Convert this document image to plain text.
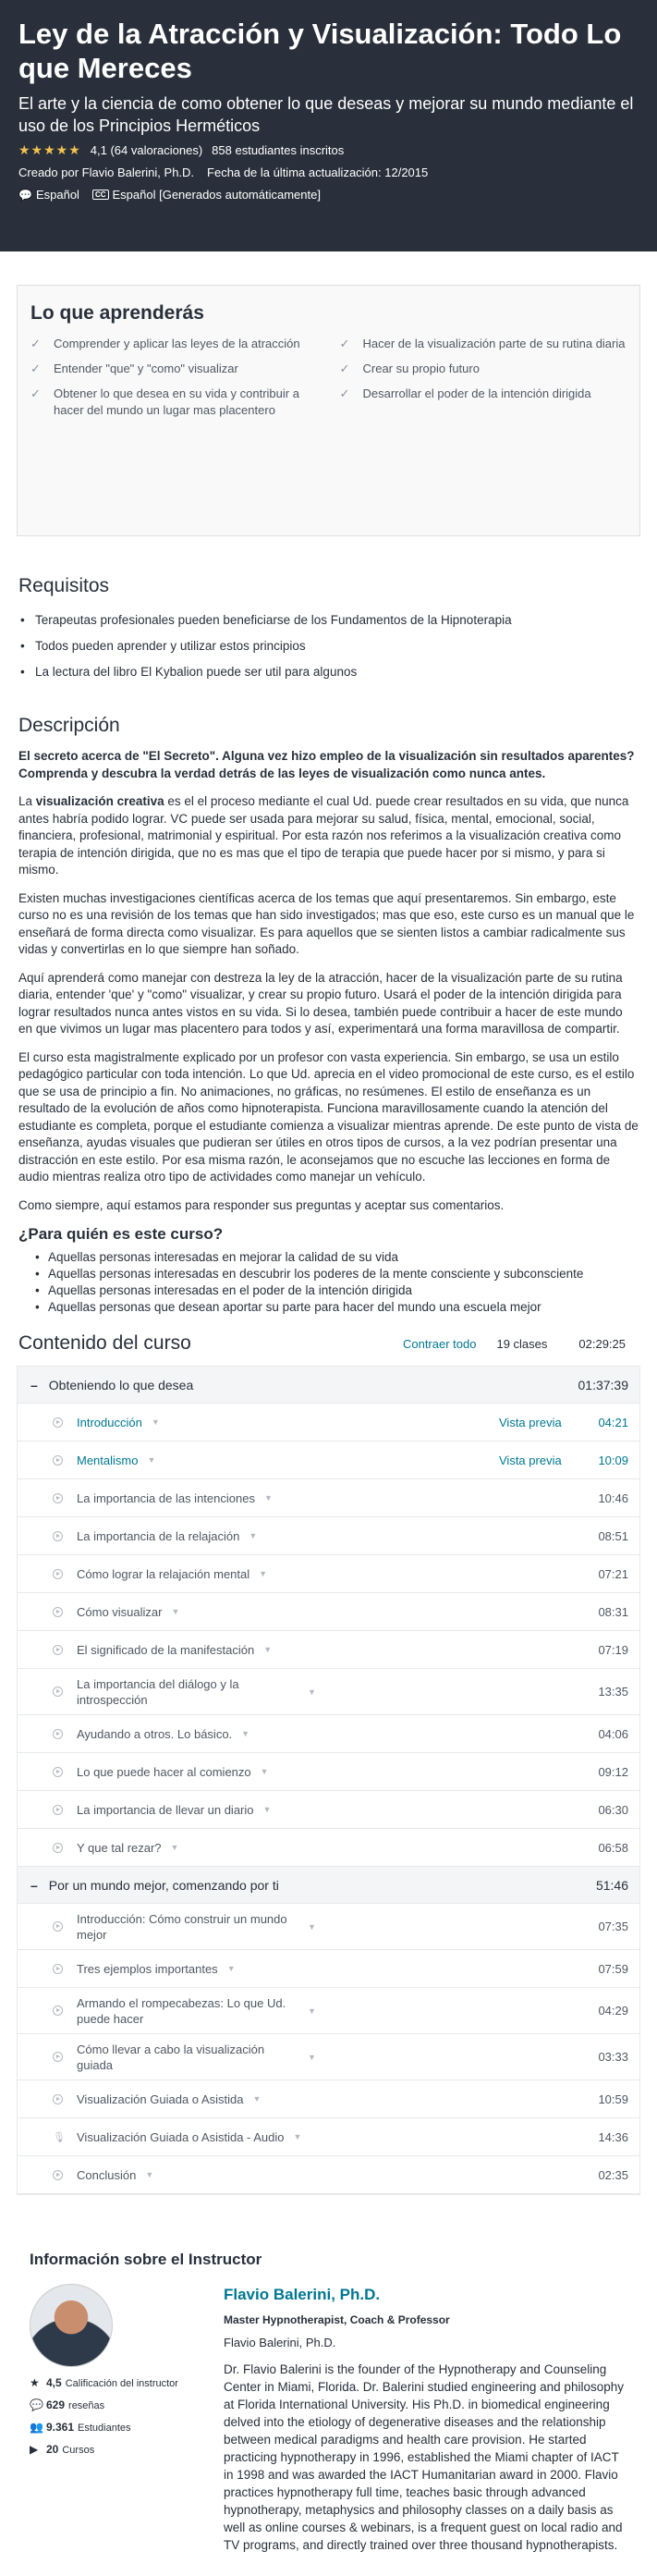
Ley de la Atracción y Visualización: Todo Lo que Mereces
El arte y la ciencia de como obtener lo que deseas y mejorar su mundo mediante el uso de los Principios Herméticos
★★★★★ 4,1 (64 valoraciones) 858 estudiantes inscritos
Creado por Flavio Balerini, Ph.D. Fecha de la última actualización: 12/2015
💬 Español	CC Español [Generados automáticamente]
Lo que aprenderás
✓ Comprender y aplicar las leyes de la atracción	✓ Hacer de la visualización parte de su rutina diaria
✓ Entender "que" y "como" visualizar	✓ Crear su propio futuro
✓ Obtener lo que desea en su vida y contribuir a hacer del mundo un lugar mas placentero
✓ Desarrollar el poder de la intención dirigida
Requisitos
• Terapeutas profesionales pueden beneficiarse de los Fundamentos de la Hipnoterapia
• Todos pueden aprender y utilizar estos principios
• La lectura del libro El Kybalion puede ser util para algunos
Descripción

El secreto acerca de "El Secreto". Alguna vez hizo empleo de la visualización sin resultados aparentes? Comprenda y descubra la verdad detrás de las leyes de visualización como nunca antes.

La visualización creativa es el el proceso mediante el cual Ud. puede crear resultados en su vida, que nunca antes habría podido lograr. VC puede ser usada para mejorar su salud, física, mental, emocional, social, financiera, profesional, matrimonial y espiritual. Por esta razón nos referimos a la visualización creativa como terapia de intención dirigida, que no es mas que el tipo de terapia que puede hacer por si mismo, y para si mismo.

Existen muchas investigaciones científicas acerca de los temas que aquí presentaremos. Sin embargo, este curso no es una revisión de los temas que han sido investigados; mas que eso, este curso es un manual que le enseñará de forma directa como visualizar. Es para aquellos que se sienten listos a cambiar radicalmente sus vidas y convertirlas en lo que siempre han soñado.

Aquí aprenderá como manejar con destreza la ley de la atracción, hacer de la visualización parte de su rutina diaria, entender 'que' y "como" visualizar, y crear su propio futuro. Usará el poder de la intención dirigida para lograr resultados nunca antes vistos en su vida. Si lo desea, también puede contribuir a hacer de este mundo en que vivimos un lugar mas placentero para todos y así, experimentará una forma maravillosa de compartir.

El curso esta magistralmente explicado por un profesor con vasta experiencia. Sin embargo, se usa un estilo pedagógico particular con toda intención. Lo que Ud. aprecia en el video promocional de este curso, es el estilo que se usa de principio a fin. No animaciones, no gráficas, no resúmenes. El estilo de enseñanza es un resultado de la evolución de años como hipnoterapista. Funciona maravillosamente cuando la atención del estudiante es completa, porque el estudiante comienza a visualizar mientras aprende. De este punto de vista de enseñanza, ayudas visuales que pudieran ser útiles en otros tipos de cursos, a la vez podrían presentar una distracción en este estilo. Por esa misma razón, le aconsejamos que no escuche las lecciones en forma de audio mientras realiza otro tipo de actividades como manejar un vehículo.

Como siempre, aquí estamos para responder sus preguntas y aceptar sus comentarios.

¿Para quién es este curso?
• Aquellas personas interesadas en mejorar la calidad de su vida
• Aquellas personas interesadas en descubrir los poderes de la mente consciente y subconsciente
• Aquellas personas interesadas en el poder de la intención dirigida
• Aquellas personas que desean aportar su parte para hacer del mundo una escuela mejor
Contenido del curso	Contraer todo 19 clases	02:29:25
– Obteniendo lo que desea	01:37:39
Introducción ▼	Vista previa	04:21
Mentalismo ▼	Vista previa	10:09
La importancia de las intenciones ▼	10:46
La importancia de la relajación ▼	08:51
Cómo lograr la relajación mental ▼	07:21
Cómo visualizar ▼	08:31
El significado de la manifestación ▼	07:19
La importancia del diálogo y la introspección
▼	13:35
Ayudando a otros. Lo básico. ▼	04:06
Lo que puede hacer al comienzo ▼	09:12
La importancia de llevar un diario ▼	06:30
Y que tal rezar? ▼	06:58
– Por un mundo mejor, comenzando por ti	51:46
Introducción: Cómo construir un mundo mejor
▼	07:35
Tres ejemplos importantes ▼	07:59
Armando el rompecabezas: Lo que Ud. puede hacer
▼	04:29
Cómo llevar a cabo la visualización guiada
▼	03:33
Visualización Guiada o Asistida ▼	10:59
🎙 Visualización Guiada o Asistida - Audio ▼	14:36
Conclusión ▼	02:35
Información sobre el Instructor
★ 4,5 Calificación del instructor
💬 629 reseñas
👥 9.361 Estudiantes
▶ 20 Cursos
Flavio Balerini, Ph.D.
Master Hypnotherapist, Coach & Professor
Flavio Balerini, Ph.D.
Dr. Flavio Balerini is the founder of the Hypnotherapy and Counseling Center in Miami, Florida. Dr. Balerini studied engineering and philosophy at Florida International University. His Ph.D. in biomedical engineering delved into the etiology of degenerative diseases and the relationship between medical paradigms and health care provision. He started practicing hypnotherapy in 1996, established the Miami chapter of IACT in 1998 and was awarded the IACT Humanitarian award in 2000. Flavio practices hypnotherapy full time, teaches basic through advanced hypnotherapy, metaphysics and philosophy classes on a daily basis as well as online courses & webinars, is a frequent guest on local radio and TV programs, and directly trained over three thousand hypnotherapists.
